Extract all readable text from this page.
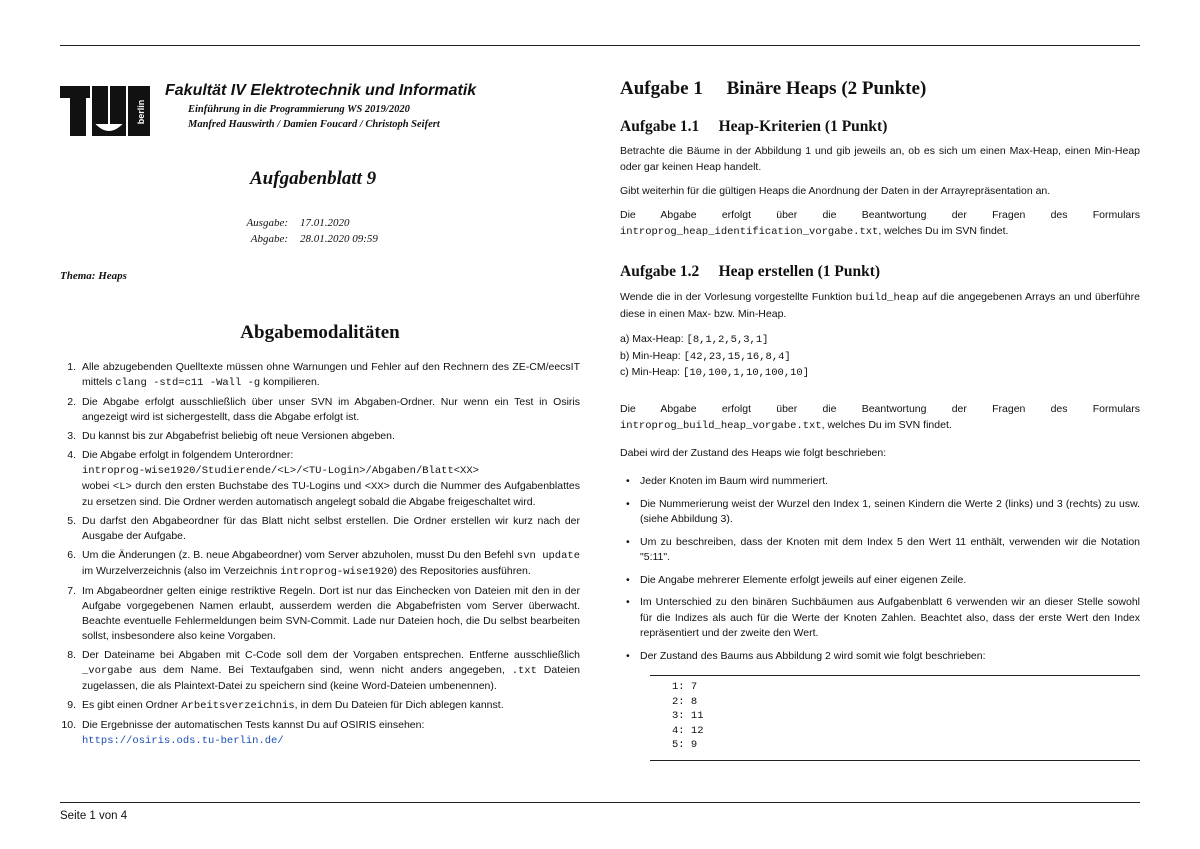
berlin
Fakultät IV Elektrotechnik und Informatik
Einführung in die Programmierung WS 2019/2020
Manfred Hauswirth / Damien Foucard / Christoph Seifert
Aufgabenblatt 9
Ausgabe: 17.01.2020
Abgabe: 28.01.2020 09:59
Thema: Heaps
Abgabemodalitäten
1. Alle abzugebenden Quelltexte müssen ohne Warnungen und Fehler auf den Rechnern des ZE-CM/eecsIT mittels clang -std=c11 -Wall -g kompilieren.
2. Die Abgabe erfolgt ausschließlich über unser SVN im Abgaben-Ordner. Nur wenn ein Test in Osiris angezeigt wird ist sichergestellt, dass die Abgabe erfolgt ist.
3. Du kannst bis zur Abgabefrist beliebig oft neue Versionen abgeben.
4. Die Abgabe erfolgt in folgendem Unterordner:
introprog-wise1920/Studierende/<L>/<TU-Login>/Abgaben/Blatt<XX>
wobei <L> durch den ersten Buchstabe des TU-Logins und <XX> durch die Nummer des Aufgabenblattes zu ersetzen sind. Die Ordner werden automatisch angelegt sobald die Abgabe freigeschaltet wird.
5. Du darfst den Abgabeordner für das Blatt nicht selbst erstellen. Die Ordner erstellen wir kurz nach der Ausgabe der Aufgabe.
6. Um die Änderungen (z. B. neue Abgabeordner) vom Server abzuholen, musst Du den Befehl svn update im Wurzelverzeichnis (also im Verzeichnis introprog-wise1920) des Repositories ausführen.
7. Im Abgabeordner gelten einige restriktive Regeln. Dort ist nur das Einchecken von Dateien mit den in der Aufgabe vorgegebenen Namen erlaubt, ausserdem werden die Abgabefristen vom Server überwacht. Beachte eventuelle Fehlermeldungen beim SVN-Commit. Lade nur Dateien hoch, die Du selbst bearbeiten sollst, insbesondere also keine Vorgaben.
8. Der Dateiname bei Abgaben mit C-Code soll dem der Vorgaben entsprechen. Entferne ausschließlich _vorgabe aus dem Name. Bei Textaufgaben sind, wenn nicht anders angegeben, .txt Dateien zugelassen, die als Plaintext-Datei zu speichern sind (keine Word-Dateien umbenennen).
9. Es gibt einen Ordner Arbeitsverzeichnis, in dem Du Dateien für Dich ablegen kannst.
10. Die Ergebnisse der automatischen Tests kannst Du auf OSIRIS einsehen:
https://osiris.ods.tu-berlin.de/
Aufgabe 1     Binäre Heaps (2 Punkte)
Aufgabe 1.1     Heap-Kriterien (1 Punkt)

Betrachte die Bäume in der Abbildung 1 und gib jeweils an, ob es sich um einen Max-Heap, einen Min-Heap oder gar keinen Heap handelt.

Gibt weiterhin für die gültigen Heaps die Anordnung der Daten in der Arrayrepräsentation an.

Die Abgabe erfolgt über die Beantwortung der Fragen des Formulars introprog_heap_identification_vorgabe.txt, welches Du im SVN findet.

Aufgabe 1.2     Heap erstellen (1 Punkt)

Wende die in der Vorlesung vorgestellte Funktion build_heap auf die angegebenen Arrays an und überführe diese in einen Max- bzw. Min-Heap.

a) Max-Heap: [8,1,2,5,3,1]
b) Min-Heap: [42,23,15,16,8,4]
c) Min-Heap: [10,100,1,10,100,10]

Die Abgabe erfolgt über die Beantwortung der Fragen des Formulars introprog_build_heap_vorgabe.txt, welches Du im SVN findet.

Dabei wird der Zustand des Heaps wie folgt beschrieben:

• Jeder Knoten im Baum wird nummeriert.
• Die Nummerierung weist der Wurzel den Index 1, seinen Kindern die Werte 2 (links) und 3 (rechts) zu usw. (siehe Abbildung 3).
• Um zu beschreiben, dass der Knoten mit dem Index 5 den Wert 11 enthält, verwenden wir die Notation "5:11".
• Die Angabe mehrerer Elemente erfolgt jeweils auf einer eigenen Zeile.
• Im Unterschied zu den binären Suchbäumen aus Aufgabenblatt 6 verwenden wir an dieser Stelle sowohl für die Indizes als auch für die Werte der Knoten Zahlen. Beachtet also, dass der erste Wert den Index repräsentiert und der zweite den Wert.
• Der Zustand des Baums aus Abbildung 2 wird somit wie folgt beschrieben:
1: 7
2: 8
3: 11
4: 12
5: 9
Seite 1 von 4
